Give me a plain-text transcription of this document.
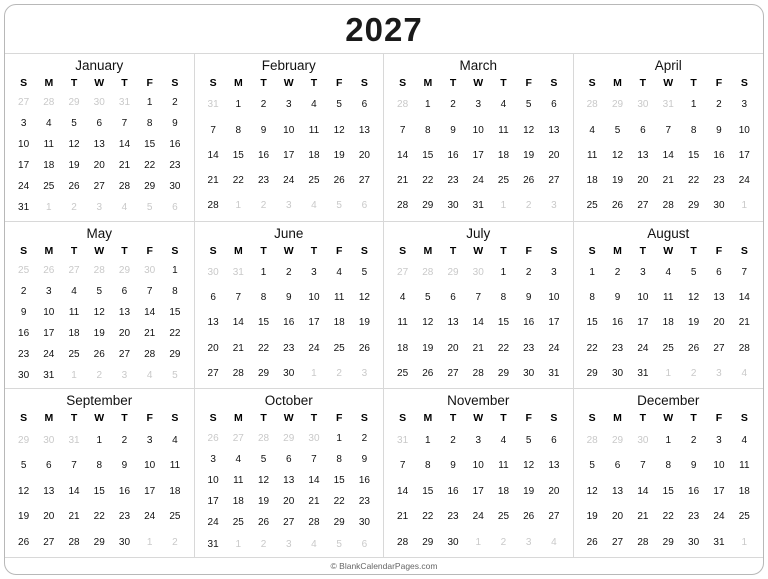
2027
January
S	M	T	W	T	F	S
27	28	29	30	31	1	2
3	4	5	6	7	8	9
10	11	12	13	14	15	16
17	18	19	20	21	22	23
24	25	26	27	28	29	30
31	1	2	3	4	5	6
February
S	M	T	W	T	F	S
31	1	2	3	4	5	6
7	8	9	10	11	12	13
14	15	16	17	18	19	20
21	22	23	24	25	26	27
28	1	2	3	4	5	6
March
S	M	T	W	T	F	S
28	1	2	3	4	5	6
7	8	9	10	11	12	13
14	15	16	17	18	19	20
21	22	23	24	25	26	27
28	29	30	31	1	2	3
April
S	M	T	W	T	F	S
28	29	30	31	1	2	3
4	5	6	7	8	9	10
11	12	13	14	15	16	17
18	19	20	21	22	23	24
25	26	27	28	29	30	1
May
S	M	T	W	T	F	S
25	26	27	28	29	30	1
2	3	4	5	6	7	8
9	10	11	12	13	14	15
16	17	18	19	20	21	22
23	24	25	26	27	28	29
30	31	1	2	3	4	5
June
S	M	T	W	T	F	S
30	31	1	2	3	4	5
6	7	8	9	10	11	12
13	14	15	16	17	18	19
20	21	22	23	24	25	26
27	28	29	30	1	2	3
July
S	M	T	W	T	F	S
27	28	29	30	1	2	3
4	5	6	7	8	9	10
11	12	13	14	15	16	17
18	19	20	21	22	23	24
25	26	27	28	29	30	31
August
S	M	T	W	T	F	S
1	2	3	4	5	6	7
8	9	10	11	12	13	14
15	16	17	18	19	20	21
22	23	24	25	26	27	28
29	30	31	1	2	3	4
September
S	M	T	W	T	F	S
29	30	31	1	2	3	4
5	6	7	8	9	10	11
12	13	14	15	16	17	18
19	20	21	22	23	24	25
26	27	28	29	30	1	2
October
S	M	T	W	T	F	S
26	27	28	29	30	1	2
3	4	5	6	7	8	9
10	11	12	13	14	15	16
17	18	19	20	21	22	23
24	25	26	27	28	29	30
31	1	2	3	4	5	6
November
S	M	T	W	T	F	S
31	1	2	3	4	5	6
7	8	9	10	11	12	13
14	15	16	17	18	19	20
21	22	23	24	25	26	27
28	29	30	1	2	3	4
December
S	M	T	W	T	F	S
28	29	30	1	2	3	4
5	6	7	8	9	10	11
12	13	14	15	16	17	18
19	20	21	22	23	24	25
26	27	28	29	30	31	1
© BlankCalendarPages.com
